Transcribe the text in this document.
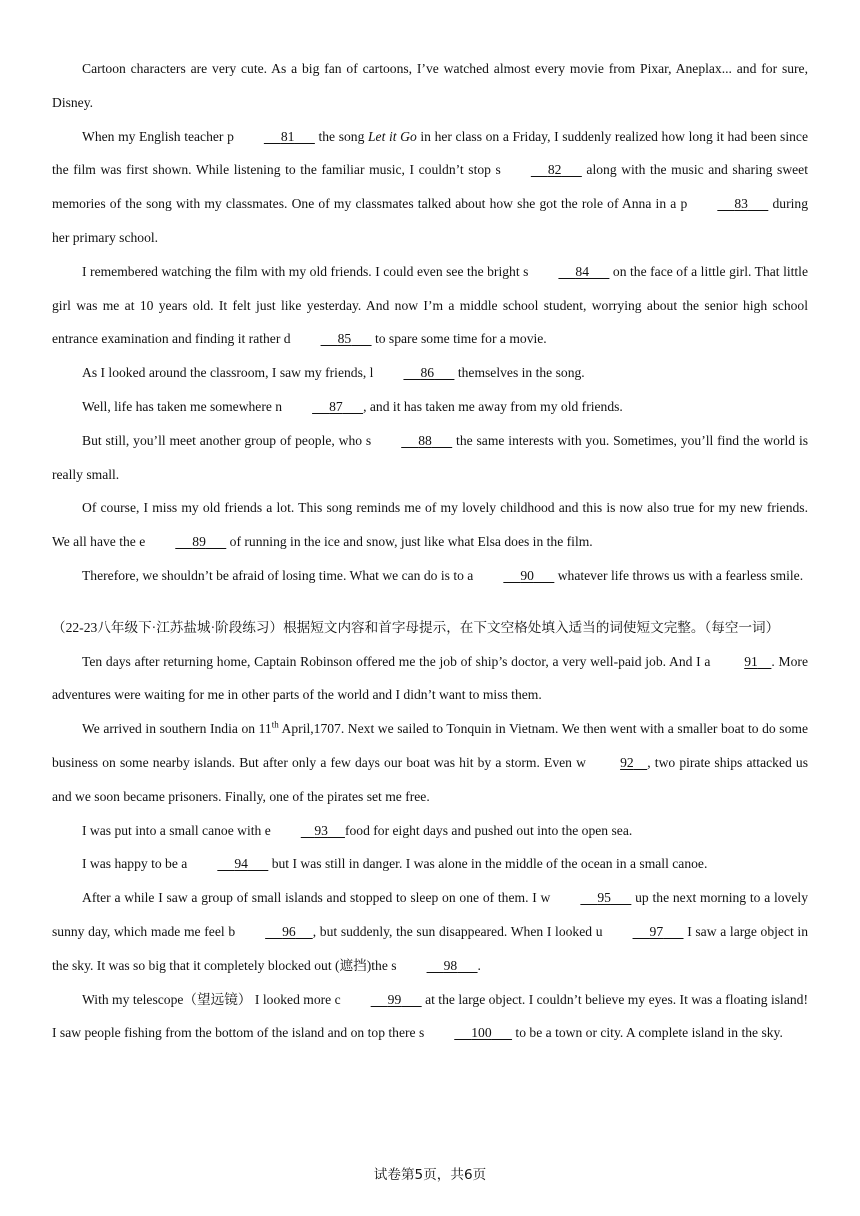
Cartoon characters are very cute. As a big fan of cartoons, I’ve watched almost every movie from Pixar, Aneplax... and for sure, Disney.

When my English teacher p	81       the song Let it Go in her class on a Friday, I suddenly realized how long it had been since the film was first shown. While listening to the familiar music, I couldn’t stop s	82       along with the music and sharing sweet memories of the song with my classmates. One of my classmates talked about how she got the role of Anna in a p	83       during her primary school.

I remembered watching the film with my old friends. I could even see the bright s	84       on the face of a little girl. That little girl was me at 10 years old. It felt just like yesterday. And now I’m a middle school student, worrying about the senior high school entrance examination and finding it rather d	85       to spare some time for a movie.

As I looked around the classroom, I saw my friends, l	86       themselves in the song.

Well, life has taken me somewhere n	87 , and it has taken me away from my old friends.

But still, you’ll meet another group of people, who s	88       the same interests with you. Sometimes, you’ll find the world is really small.

Of course, I miss my old friends a lot. This song reminds me of my lovely childhood and this is now also true for my new friends. We all have the e	89       of running in the ice and snow, just like what Elsa does in the film.

Therefore, we shouldn’t be afraid of losing time. What we can do is to a	90       whatever life throws us with a fearless smile.

（22-23八年级下·江苏盐城·阶段练习）根据短文内容和首字母提示，在下文空格处填入适当的词使短文完整。（每空一词）

Ten days after returning home, Captain Robinson offered me the job of ship’s doctor, a very well-paid job. And I a 91 . More adventures were waiting for me in other parts of the world and I didn’t want to miss them.

We arrived in southern India on 11th April,1707. Next we sailed to Tonquin in Vietnam. We then went with a smaller boat to do some business on some nearby islands. But after only a few days our boat was hit by a storm. Even w 92 , two pirate ships attacked us and we soon became prisoners. Finally, one of the pirates set me free.

I was put into a small canoe with e	93 food for eight days and pushed out into the open sea.

I was happy to be a	94       but I was still in danger. I was alone in the middle of the ocean in a small canoe.

After a while I saw a group of small islands and stopped to sleep on one of them. I w	95       up the next morning to a lovely sunny day, which made me feel b	96 , but suddenly, the sun disappeared. When I looked u	97       I saw a large object in the sky. It was so big that it completely blocked out (遮挡)the s	98 .

With my telescope（望远镜） I looked more c	99       at the large object. I couldn’t believe my eyes. It was a floating island! I saw people fishing from the bottom of the island and on top there s	100       to be a town or city. A complete island in the sky.

试卷第5页，共6页
